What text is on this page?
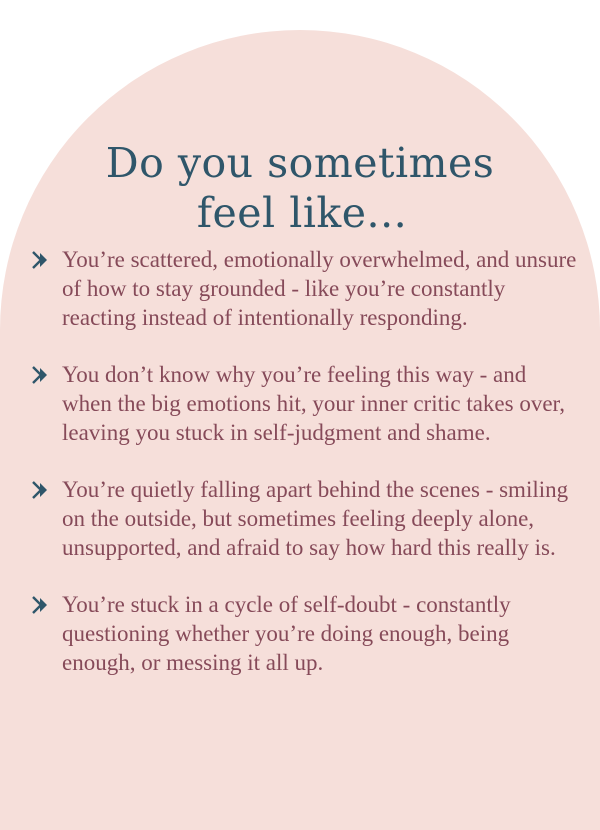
Do you sometimes
feel like...
You’re scattered, emotionally overwhelmed, and unsure of how to stay grounded - like you’re constantly reacting instead of intentionally responding.
You don’t know why you’re feeling this way - and when the big emotions hit, your inner critic takes over, leaving you stuck in self-judgment and shame.
You’re quietly falling apart behind the scenes - smiling on the outside, but sometimes feeling deeply alone, unsupported, and afraid to say how hard this really is.
You’re stuck in a cycle of self-doubt - constantly questioning whether you’re doing enough, being enough, or messing it all up.
